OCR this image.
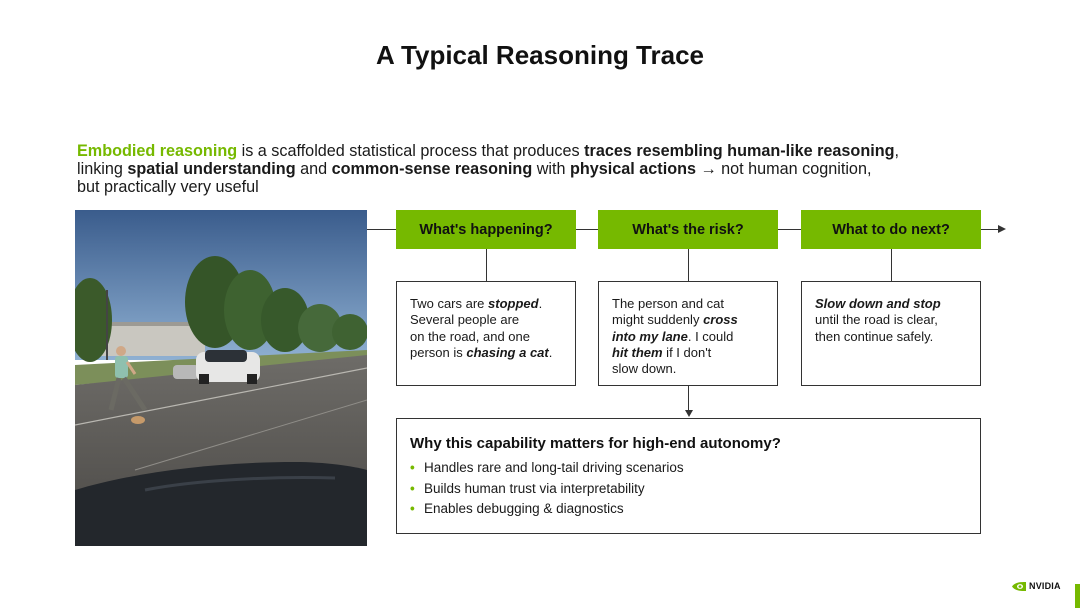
A Typical Reasoning Trace
Embodied reasoning is a scaffolded statistical process that produces traces resembling human-like reasoning,
linking spatial understanding and common-sense reasoning with physical actions → not human cognition,
but practically very useful
What's happening?	What's the risk?	What to do next?
Two cars are stopped.
Several people are
on the road, and one
person is chasing a cat.
The person and cat
might suddenly cross
into my lane. I could
hit them if I don't
slow down.
Slow down and stop
until the road is clear,
then continue safely.
Why this capability matters for high-end autonomy?
• Handles rare and long-tail driving scenarios
• Builds human trust via interpretability
• Enables debugging & diagnostics
NVIDIA
